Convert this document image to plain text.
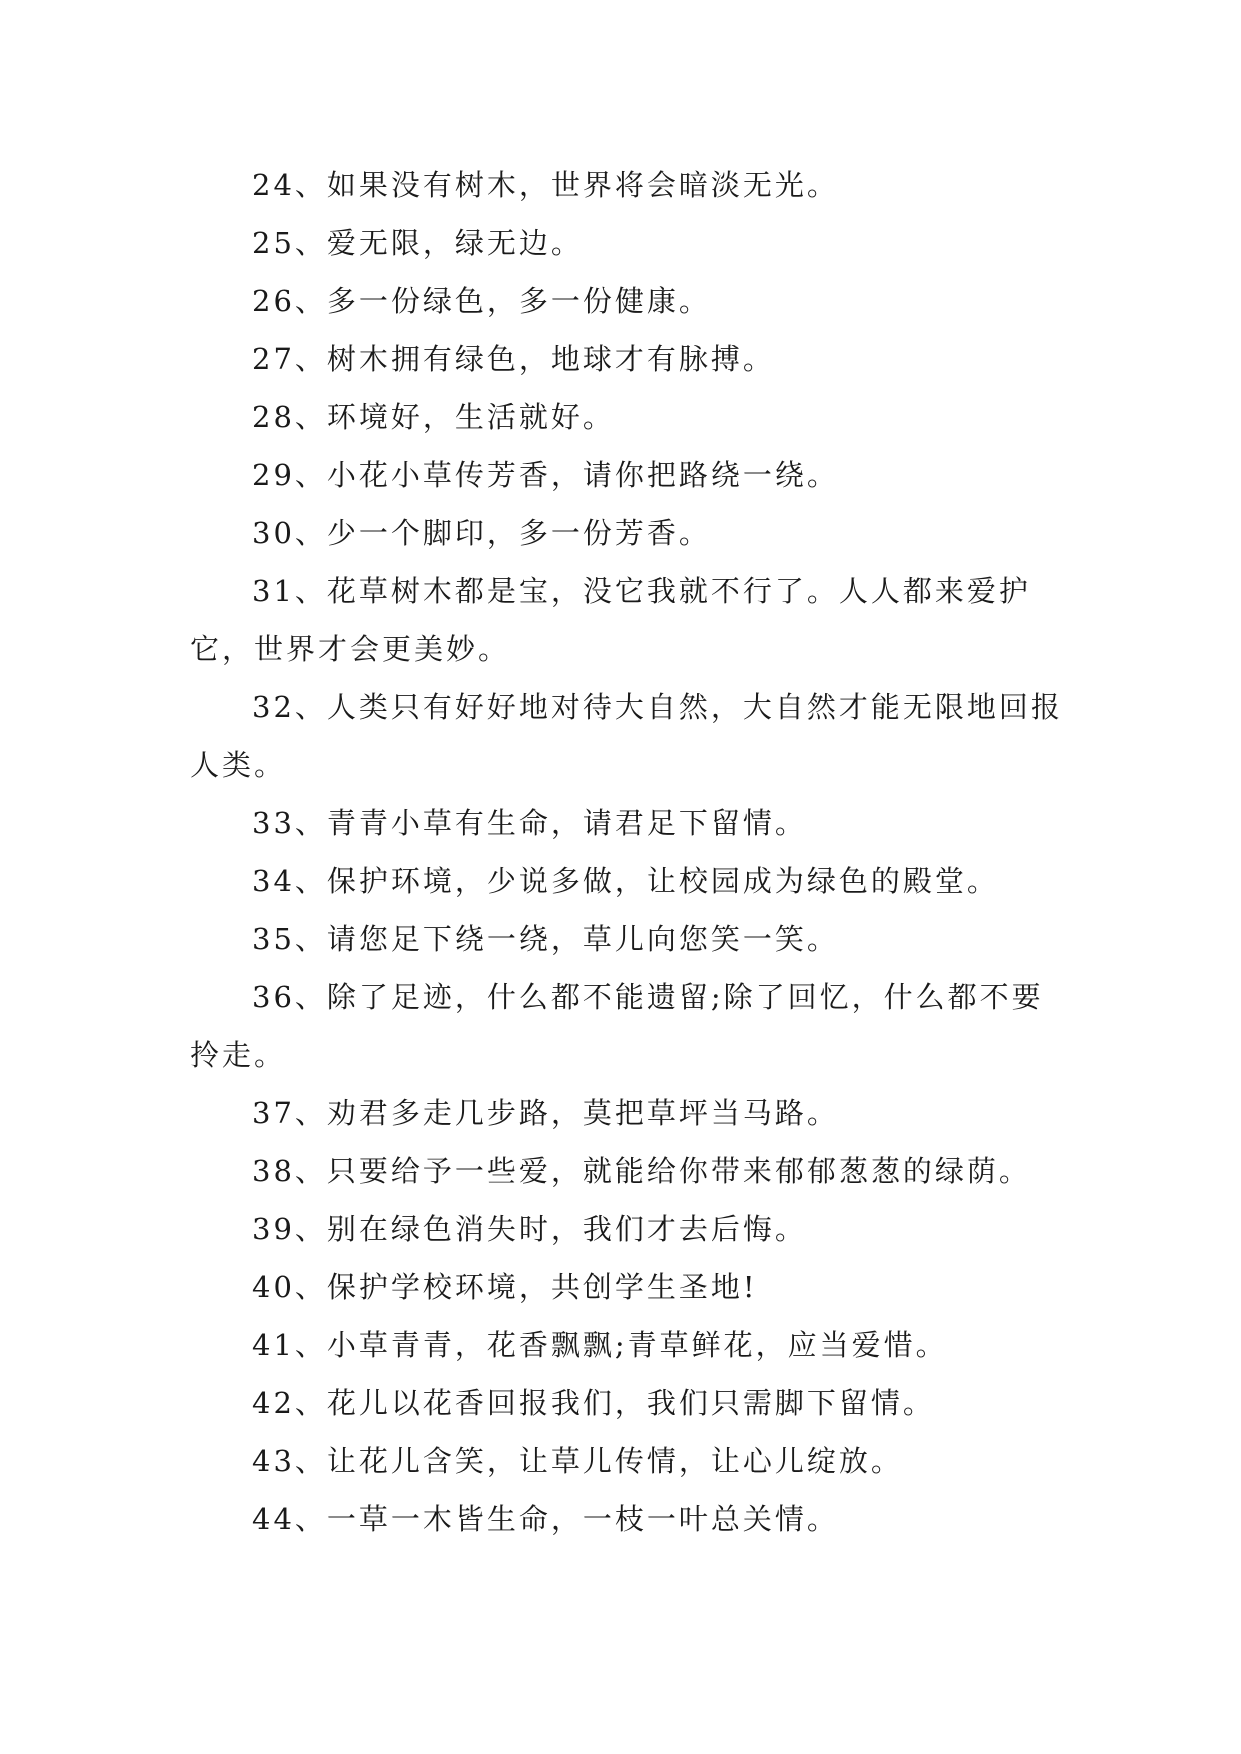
24、如果没有树木，世界将会暗淡无光。

25、爱无限，绿无边。

26、多一份绿色，多一份健康。

27、树木拥有绿色，地球才有脉搏。

28、环境好，生活就好。

29、小花小草传芳香，请你把路绕一绕。

30、少一个脚印，多一份芳香。

31、花草树木都是宝，没它我就不行了。人人都来爱护它，世界才会更美妙。

32、人类只有好好地对待大自然，大自然才能无限地回报人类。

33、青青小草有生命，请君足下留情。

34、保护环境，少说多做，让校园成为绿色的殿堂。

35、请您足下绕一绕，草儿向您笑一笑。

36、除了足迹，什么都不能遗留;除了回忆，什么都不要拎走。

37、劝君多走几步路，莫把草坪当马路。

38、只要给予一些爱，就能给你带来郁郁葱葱的绿荫。

39、别在绿色消失时，我们才去后悔。

40、保护学校环境，共创学生圣地!

41、小草青青，花香飘飘;青草鲜花，应当爱惜。

42、花儿以花香回报我们，我们只需脚下留情。

43、让花儿含笑，让草儿传情，让心儿绽放。

44、一草一木皆生命，一枝一叶总关情。
